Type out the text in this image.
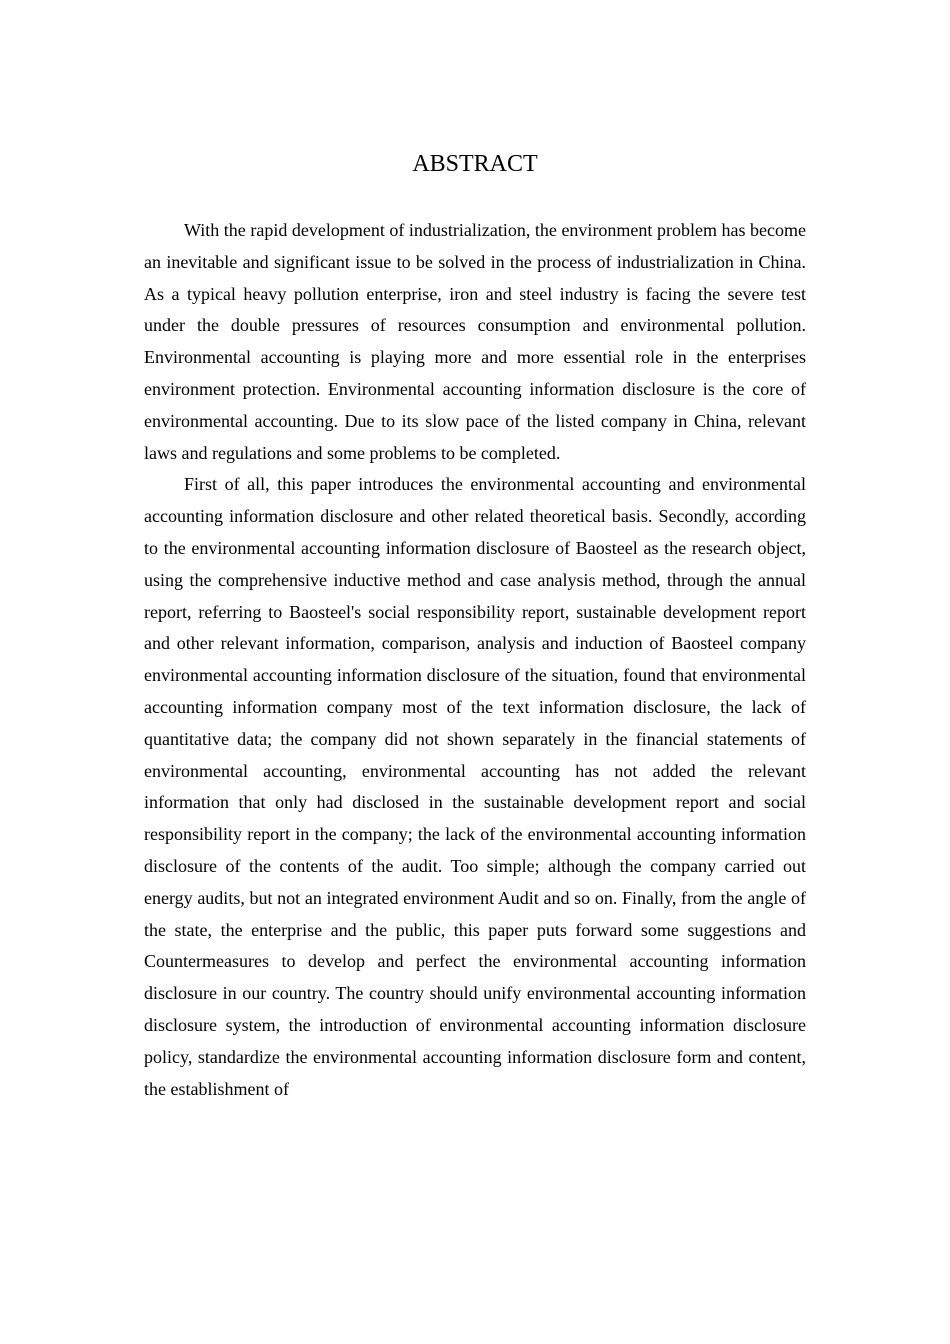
ABSTRACT

With the rapid development of industrialization, the environment problem has become an inevitable and significant issue to be solved in the process of industrialization in China. As a typical heavy pollution enterprise, iron and steel industry is facing the severe test under the double pressures of resources consumption and environmental pollution. Environmental accounting is playing more and more essential role in the enterprises environment protection. Environmental accounting information disclosure is the core of environmental accounting. Due to its slow pace of the listed company in China, relevant laws and regulations and some problems to be completed.

First of all, this paper introduces the environmental accounting and environmental accounting information disclosure and other related theoretical basis. Secondly, according to the environmental accounting information disclosure of Baosteel as the research object, using the comprehensive inductive method and case analysis method, through the annual report, referring to Baosteel's social responsibility report, sustainable development report and other relevant information, comparison, analysis and induction of Baosteel company environmental accounting information disclosure of the situation, found that environmental accounting information company most of the text information disclosure, the lack of quantitative data; the company did not shown separately in the financial statements of environmental accounting, environmental accounting has not added the relevant information that only had disclosed in the sustainable development report and social responsibility report in the company; the lack of the environmental accounting information disclosure of the contents of the audit. Too simple; although the company carried out energy audits, but not an integrated environment Audit and so on. Finally, from the angle of the state, the enterprise and the public, this paper puts forward some suggestions and Countermeasures to develop and perfect the environmental accounting information disclosure in our country. The country should unify environmental accounting information disclosure system, the introduction of environmental accounting information disclosure policy, standardize the environmental accounting information disclosure form and content, the establishment of
